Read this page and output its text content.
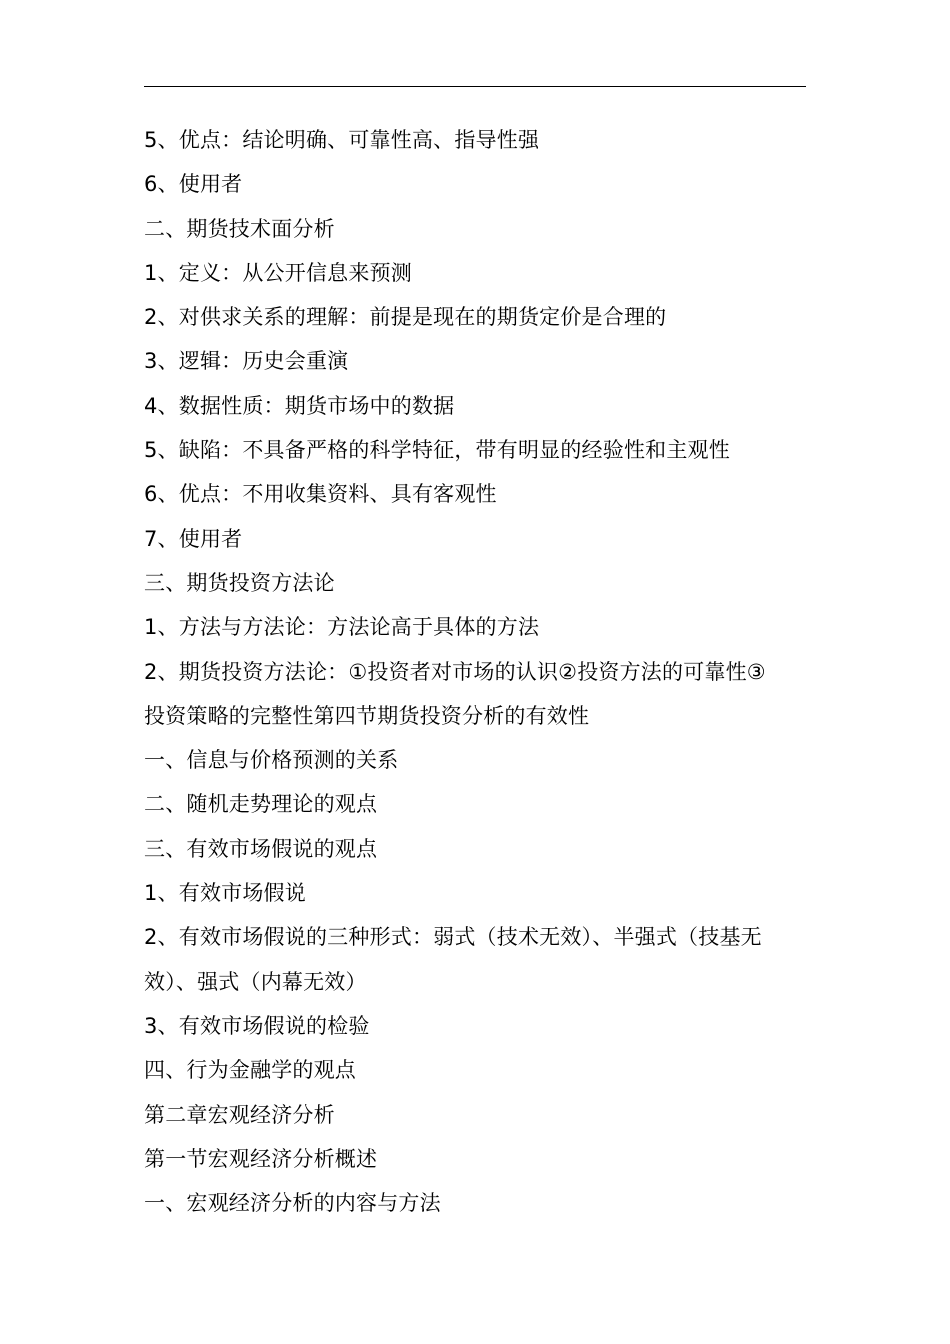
5、优点：结论明确、可靠性高、指导性强
6、使用者
二、期货技术面分析
1、定义：从公开信息来预测
2、对供求关系的理解：前提是现在的期货定价是合理的
3、逻辑：历史会重演
4、数据性质：期货市场中的数据
5、缺陷：不具备严格的科学特征，带有明显的经验性和主观性
6、优点：不用收集资料、具有客观性
7、使用者
三、期货投资方法论
1、方法与方法论：方法论高于具体的方法
2、期货投资方法论：①投资者对市场的认识②投资方法的可靠性③
投资策略的完整性第四节期货投资分析的有效性
一、信息与价格预测的关系
二、随机走势理论的观点
三、有效市场假说的观点
1、有效市场假说
2、有效市场假说的三种形式：弱式（技术无效）、半强式（技基无
效）、强式（内幕无效）
3、有效市场假说的检验
四、行为金融学的观点
第二章宏观经济分析
第一节宏观经济分析概述
一、宏观经济分析的内容与方法
